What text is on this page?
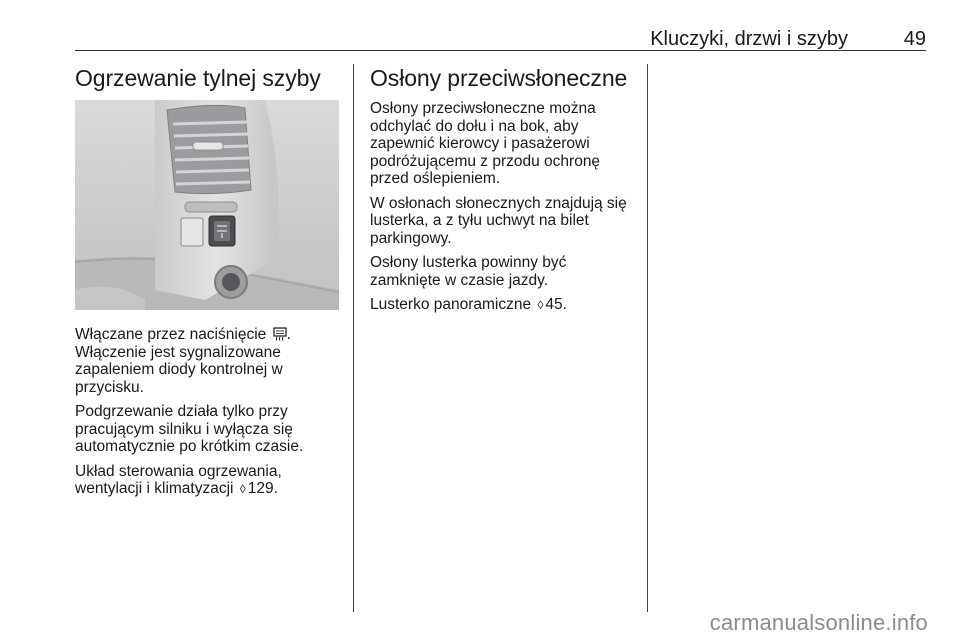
Kluczyki, drzwi i szyby	49
Ogrzewanie tylnej szyby

Włączane przez naciśnięcie . Włączenie jest sygnalizowane zapaleniem diody kontrolnej w przycisku.

Podgrzewanie działa tylko przy pracującym silniku i wyłącza się automatycznie po krótkim czasie.

Układ sterowania ogrzewania, wentylacji i klimatyzacji ◊ 129.

Osłony przeciwsłoneczne

Osłony przeciwsłoneczne można odchylać do dołu i na bok, aby zapewnić kierowcy i pasażerowi podróżującemu z przodu ochronę przed oślepieniem.

W osłonach słonecznych znajdują się lusterka, a z tyłu uchwyt na bilet parkingowy.

Osłony lusterka powinny być zamknięte w czasie jazdy.

Lusterko panoramiczne ◊ 45.

carmanualsonline.info
